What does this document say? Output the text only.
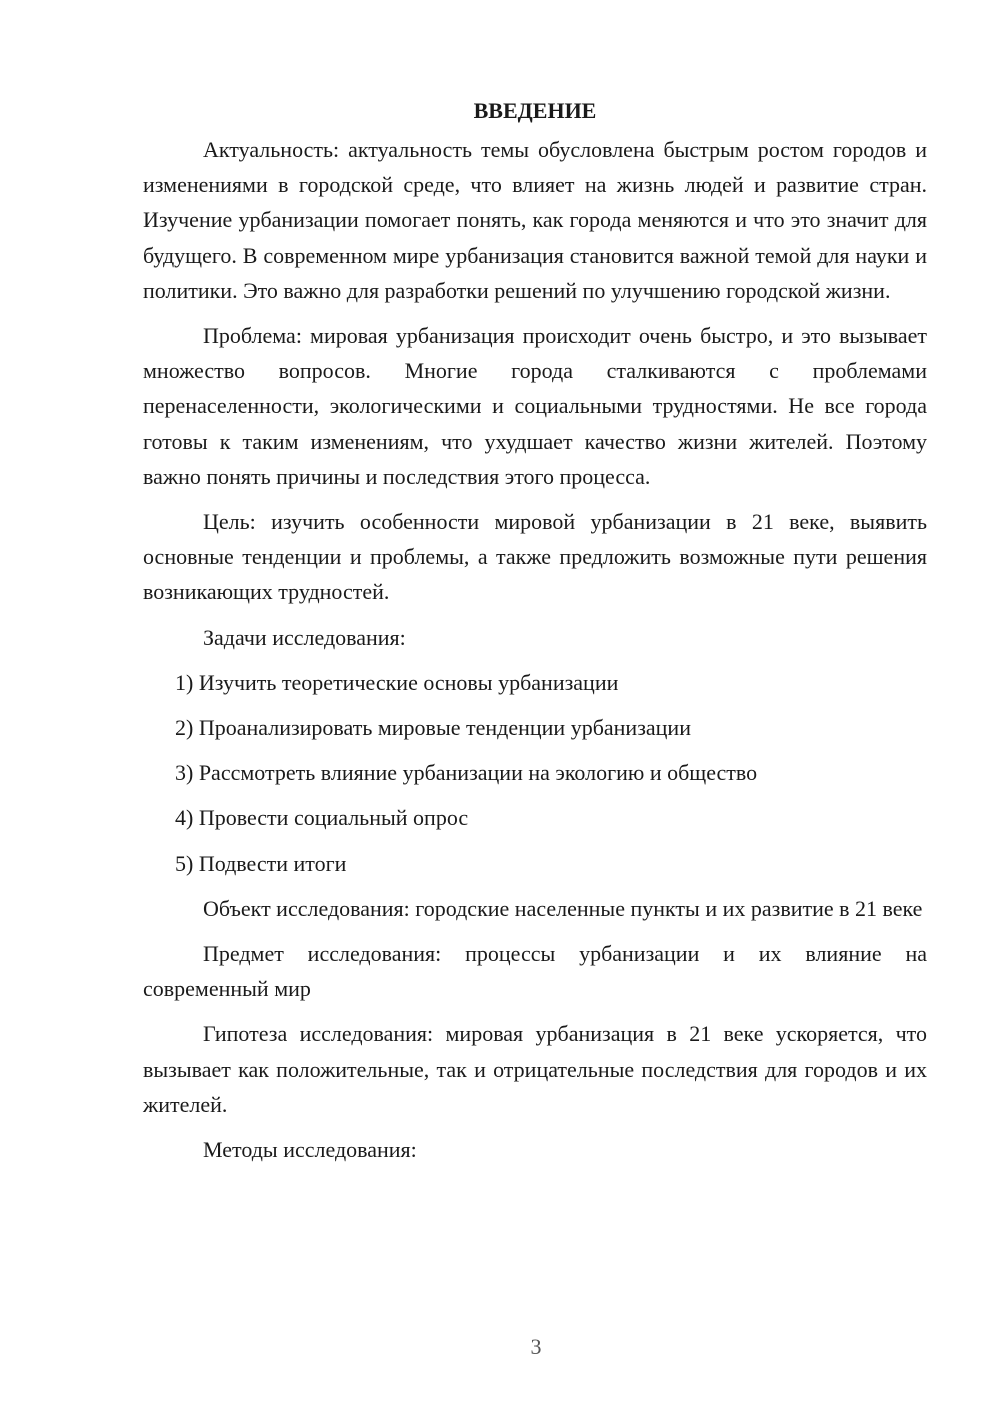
ВВЕДЕНИЕ

Актуальность: актуальность темы обусловлена быстрым ростом городов и изменениями в городской среде, что влияет на жизнь людей и развитие стран. Изучение урбанизации помогает понять, как города меняются и что это значит для будущего. В современном мире урбанизация становится важной темой для науки и политики. Это важно для разработки решений по улучшению городской жизни.

Проблема: мировая урбанизация происходит очень быстро, и это вызывает множество вопросов. Многие города сталкиваются с проблемами перенаселенности, экологическими и социальными трудностями. Не все города готовы к таким изменениям, что ухудшает качество жизни жителей. Поэтому важно понять причины и последствия этого процесса.

Цель: изучить особенности мировой урбанизации в 21 веке, выявить основные тенденции и проблемы, а также предложить возможные пути решения возникающих трудностей.

Задачи исследования:

1) Изучить теоретические основы урбанизации
2) Проанализировать мировые тенденции урбанизации
3) Рассмотреть влияние урбанизации на экологию и общество
4) Провести социальный опрос
5) Подвести итоги

Объект исследования: городские населенные пункты и их развитие в 21 веке

Предмет исследования: процессы урбанизации и их влияние на современный мир

Гипотеза исследования: мировая урбанизация в 21 веке ускоряется, что вызывает как положительные, так и отрицательные последствия для городов и их жителей.

Методы исследования:

3
